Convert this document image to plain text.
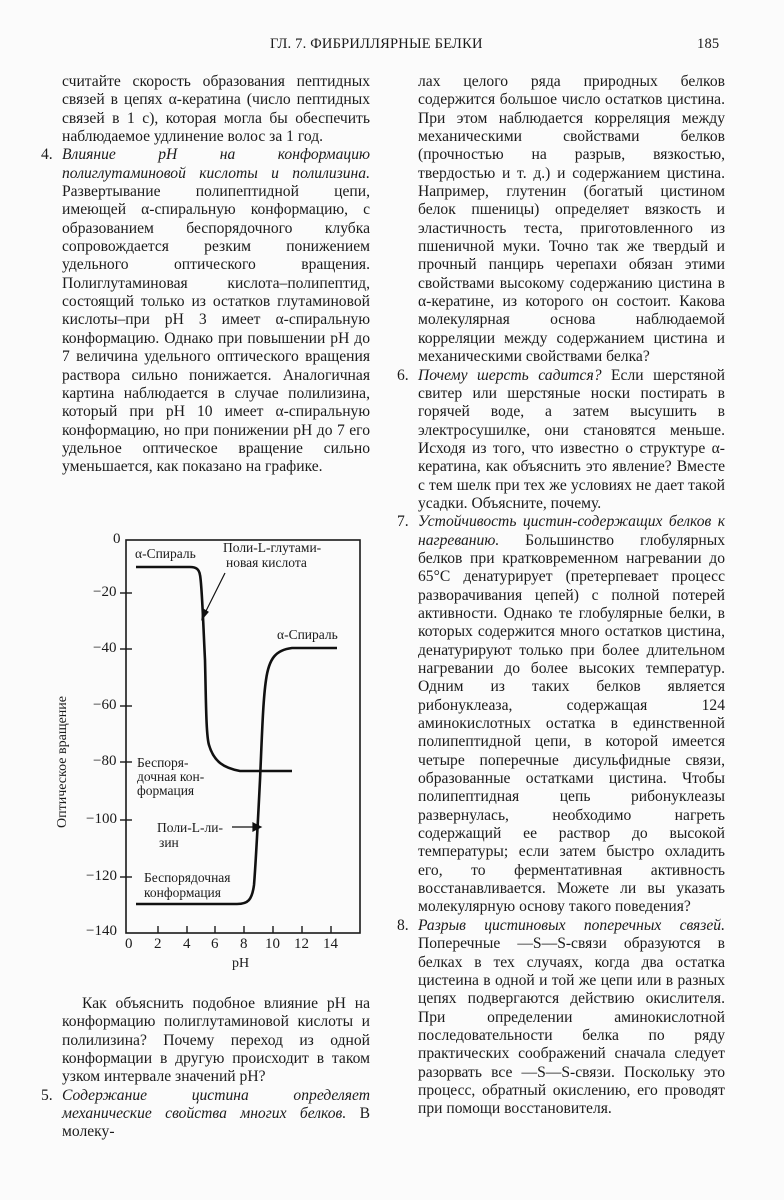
ГЛ. 7. ФИБРИЛЛЯРНЫЕ БЕЛКИ	185

считайте скорость образования пептидных связей в цепях α-кератина (число пептидных связей в 1 с), которая могла бы обеспечить наблюдаемое удлинение волос за 1 год.

4. Влияние pH на конформацию полиглутаминовой кислоты и полилизина. Развертывание полипептидной цепи, имеющей α-спиральную конформацию, с образованием беспорядочного клубка сопровождается резким понижением удельного оптического вращения. Полиглутаминовая кислота–полипептид, состоящий только из остатков глутаминовой кислоты–при pH 3 имеет α-спиральную конформацию. Однако при повышении pH до 7 величина удельного оптического вращения раствора сильно понижается. Аналогичная картина наблюдается в случае полилизина, который при pH 10 имеет α-спиральную конформацию, но при понижении pH до 7 его удельное оптическое вращение сильно уменьшается, как показано на графике.
Оптическое вращение
0
−20
−40
−60
−80
−100
−120
−140
0 2 4 6 8 10 12 14
pH
α-Спираль Поли-L-глутами-
новая кислота
α-Спираль
Беспоря-
дочная кон-
формация
Поли-L-ли-
зин
Беспорядочная
конформация

Как объяснить подобное влияние pH на конформацию полиглутаминовой кислоты и полилизина? Почему переход из одной конформации в другую происходит в таком узком интервале значений pH?

5. Содержание цистина определяет механические свойства многих белков. В молеку-

лах целого ряда природных белков содержится большое число остатков цистина. При этом наблюдается корреляция между механическими свойствами белков (прочностью на разрыв, вязкостью, твердостью и т. д.) и содержанием цистина. Например, глутенин (богатый цистином белок пшеницы) определяет вязкость и эластичность теста, приготовленного из пшеничной муки. Точно так же твердый и прочный панцирь черепахи обязан этими свойствами высокому содержанию цистина в α-кератине, из которого он состоит. Какова молекулярная основа наблюдаемой корреляции между содержанием цистина и механическими свойствами белка?

6. Почему шерсть садится? Если шерстяной свитер или шерстяные носки постирать в горячей воде, а затем высушить в электросушилке, они становятся меньше. Исходя из того, что известно о структуре α-кератина, как объяснить это явление? Вместе с тем шелк при тех же условиях не дает такой усадки. Объясните, почему.
7. Устойчивость цистин-содержащих белков к нагреванию. Большинство глобулярных белков при кратковременном нагревании до 65°С денатурирует (претерпевает процесс разворачивания цепей) с полной потерей активности. Однако те глобулярные белки, в которых содержится много остатков цистина, денатурируют только при более длительном нагревании до более высоких температур. Одним из таких белков является рибонуклеаза, содержащая 124 аминокислотных остатка в единственной полипептидной цепи, в которой имеется четыре поперечные дисульфидные связи, образованные остатками цистина. Чтобы полипептидная цепь рибонуклеазы развернулась, необходимо нагреть содержащий ее раствор до высокой температуры; если затем быстро охладить его, то ферментативная активность восстанавливается. Можете ли вы указать молекулярную основу такого поведения?
8. Разрыв цистиновых поперечных связей. Поперечные —S—S-связи образуются в белках в тех случаях, когда два остатка цистеина в одной и той же цепи или в разных цепях подвергаются действию окислителя. При определении аминокислотной последовательности белка по ряду практических соображений сначала следует разорвать все —S—S-связи. Поскольку это процесс, обратный окислению, его проводят при помощи восстановителя.
